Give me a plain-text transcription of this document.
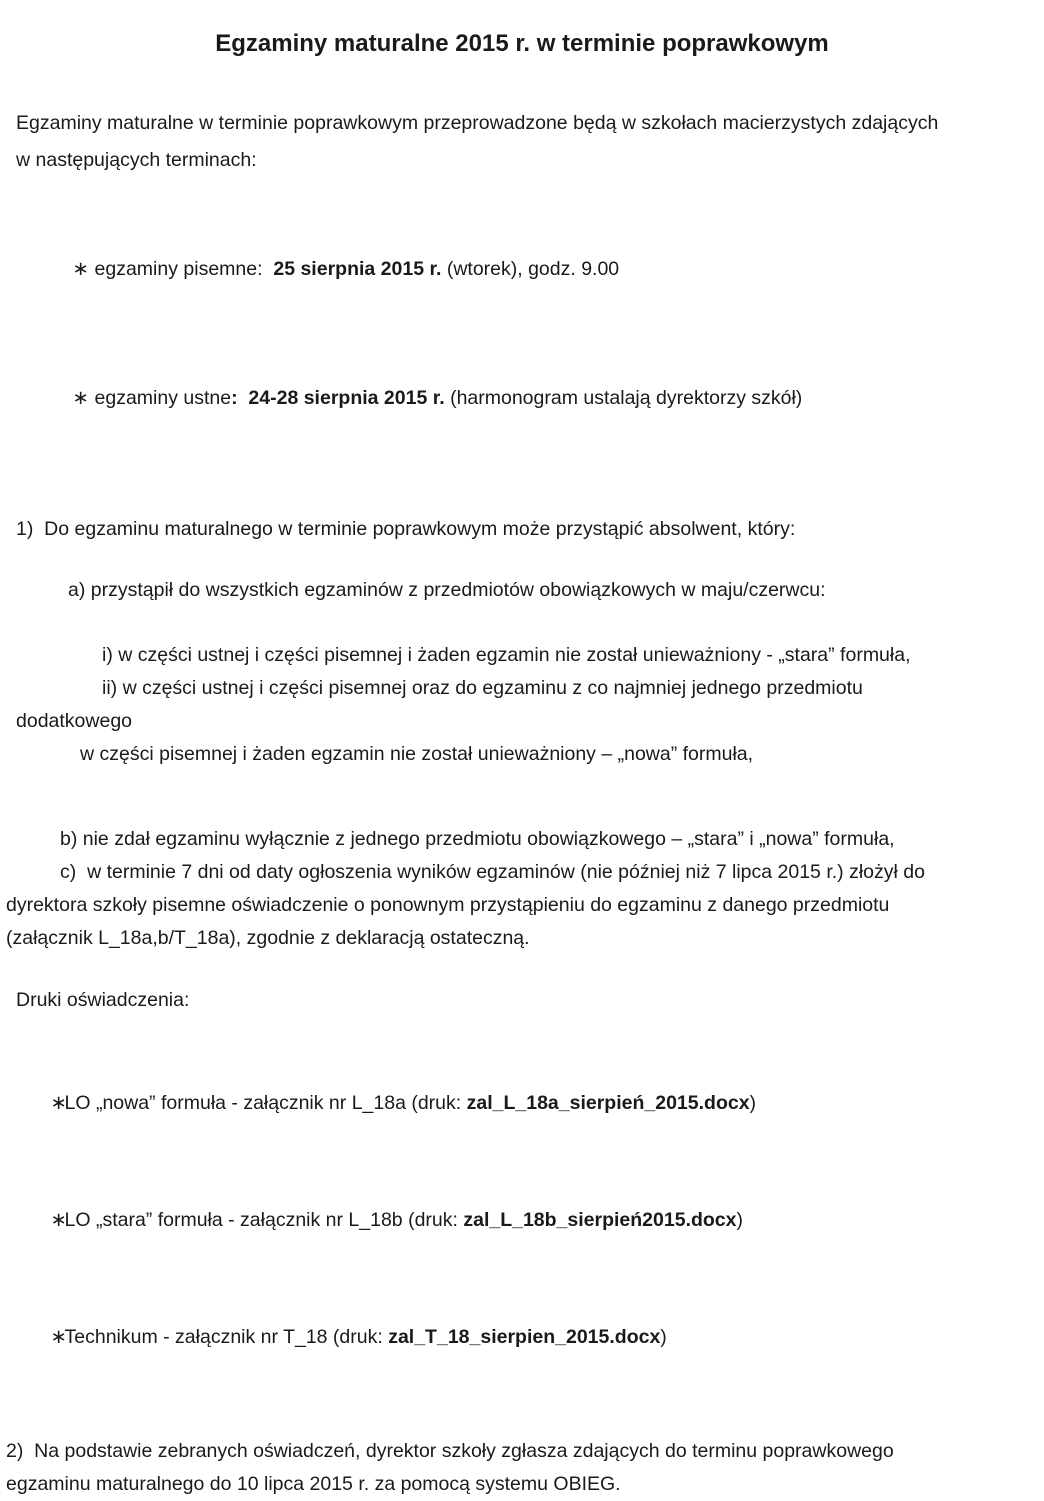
Egzaminy maturalne 2015 r. w terminie poprawkowym
Egzaminy maturalne w terminie poprawkowym przeprowadzone będą w szkołach macierzystych zdających
w następujących terminach:

∗ egzaminy pisemne:  25 sierpnia 2015 r. (wtorek), godz. 9.00

∗ egzaminy ustne:  24-28 sierpnia 2015 r. (harmonogram ustalają dyrektorzy szkół)

1)  Do egzaminu maturalnego w terminie poprawkowym może przystąpić absolwent, który:
a) przystąpił do wszystkich egzaminów z przedmiotów obowiązkowych w maju/czerwcu:
i) w części ustnej i części pisemnej i żaden egzamin nie został unieważniony - „stara” formuła,
ii) w części ustnej i części pisemnej oraz do egzaminu z co najmniej jednego przedmiotu
dodatkowego
w części pisemnej i żaden egzamin nie został unieważniony – „nowa” formuła,
b) nie zdał egzaminu wyłącznie z jednego przedmiotu obowiązkowego – „stara” i „nowa” formuła,
c)  w terminie 7 dni od daty ogłoszenia wyników egzaminów (nie później niż 7 lipca 2015 r.) złożył do
dyrektora szkoły pisemne oświadczenie o ponownym przystąpieniu do egzaminu z danego przedmiotu
(załącznik L_18a,b/T_18a), zgodnie z deklaracją ostateczną.
Druki oświadczenia:

∗LO „nowa” formuła - załącznik nr L_18a (druk: zal_L_18a_sierpień_2015.docx)

∗LO „stara” formuła - załącznik nr L_18b (druk: zal_L_18b_sierpień2015.docx)

∗Technikum - załącznik nr T_18 (druk: zal_T_18_sierpien_2015.docx)

2)  Na podstawie zebranych oświadczeń, dyrektor szkoły zgłasza zdających do terminu poprawkowego
egzaminu maturalnego do 10 lipca 2015 r. za pomocą systemu OBIEG.
